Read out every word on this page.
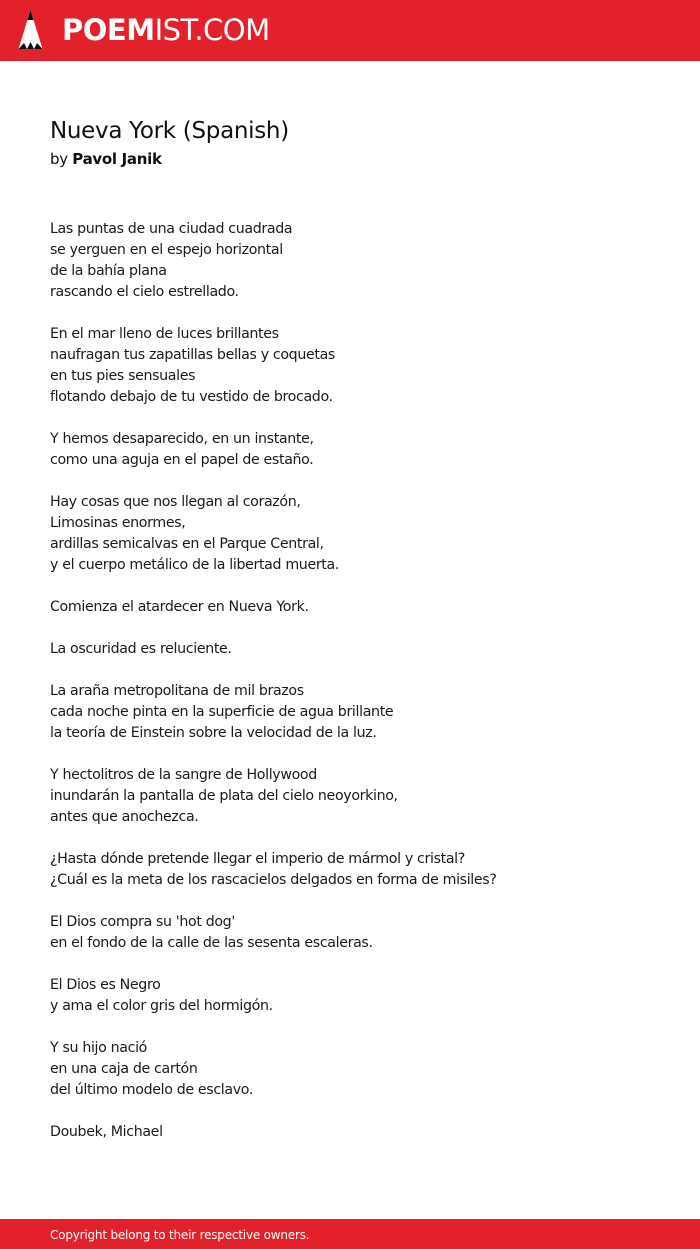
POEMIST.COM
Nueva York (Spanish)
by Pavol Janik
Las puntas de una ciudad cuadrada
se yerguen en el espejo horizontal
de la bahía plana
rascando el cielo estrellado.
En el mar lleno de luces brillantes
naufragan tus zapatillas bellas y coquetas
en tus pies sensuales
flotando debajo de tu vestido de brocado.
Y hemos desaparecido, en un instante,
como una aguja en el papel de estaño.
Hay cosas que nos llegan al corazón,
Limosinas enormes,
ardillas semicalvas en el Parque Central,
y el cuerpo metálico de la libertad muerta.
Comienza el atardecer en Nueva York.
La oscuridad es reluciente.
La araña metropolitana de mil brazos
cada noche pinta en la superficie de agua brillante
la teoría de Einstein sobre la velocidad de la luz.
Y hectolitros de la sangre de Hollywood
inundarán la pantalla de plata del cielo neoyorkino,
antes que anochezca.
¿Hasta dónde pretende llegar el imperio de mármol y cristal?
¿Cuál es la meta de los rascacielos delgados en forma de misiles?
El Dios compra su 'hot dog'
en el fondo de la calle de las sesenta escaleras.
El Dios es Negro
y ama el color gris del hormigón.
Y su hijo nació
en una caja de cartón
del último modelo de esclavo.
Doubek, Michael
Copyright belong to their respective owners.
